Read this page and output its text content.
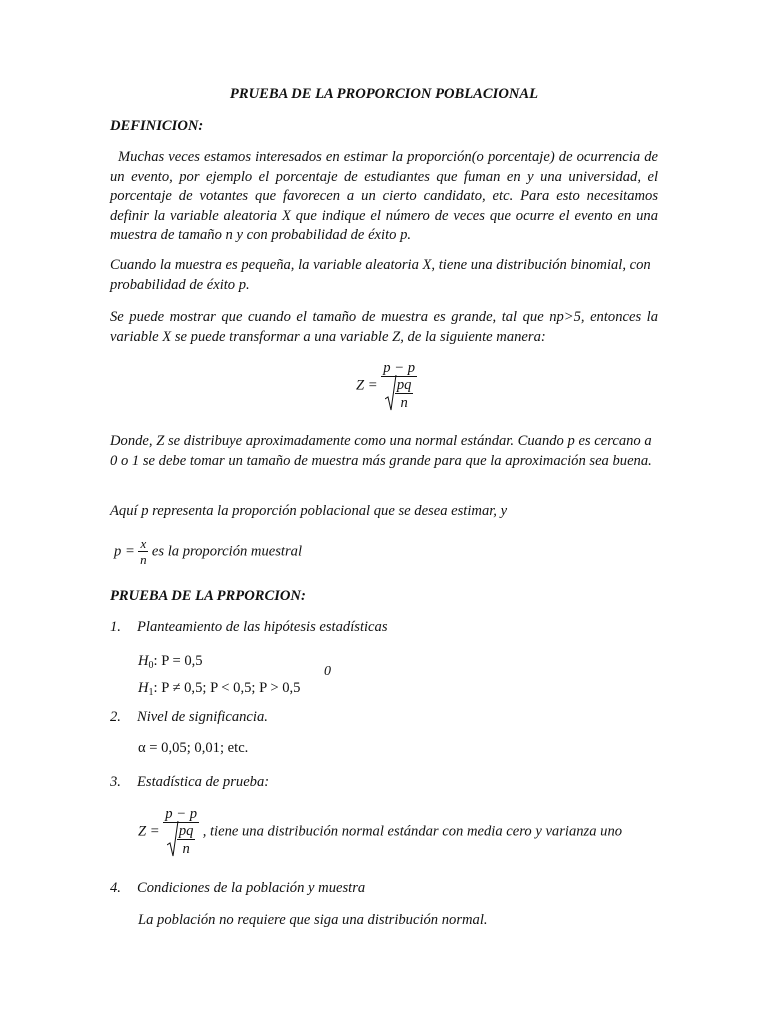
PRUEBA DE LA PROPORCION POBLACIONAL
DEFINICION:
Muchas veces estamos interesados en estimar la proporción(o porcentaje) de ocurrencia de un evento, por ejemplo el porcentaje de estudiantes que fuman en y una universidad, el porcentaje de votantes que favorecen a un cierto candidato, etc. Para esto necesitamos definir la variable aleatoria X que indique el número de veces que ocurre el evento en una muestra de tamaño n y con probabilidad de éxito p.
Cuando la muestra es pequeña, la variable aleatoria X, tiene una distribución binomial, con probabilidad de éxito p.
Se puede mostrar que cuando el tamaño de muestra es grande, tal que np>5, entonces la variable X se puede transformar a una variable Z, de la siguiente manera:
$Z = \frac{p - p}{\frac{pq}{n}}$
Donde, Z se distribuye aproximadamente como una normal estándar. Cuando p es cercano a 0 o 1 se debe tomar un tamaño de muestra más grande para que la aproximación sea buena.
Aquí p representa la proporción poblacional que se desea estimar, y
$p = \frac{x}{n}$ es la proporción muestral
PRUEBA DE LA PRPORCION:
1. Planteamiento de las hipótesis estadísticas
$H_0$: P = 0,5
$H_1$: P ≠ 0,5; P < 0,5; P > 0,5
0
2. Nivel de significancia.
α = 0,05; 0,01; etc.
3. Estadística de prueba:
$Z = \frac{p - p}{\frac{pq}{n}}$ , tiene una distribución normal estándar con media cero y varianza uno
4. Condiciones de la población y muestra
La población no requiere que siga una distribución normal.
